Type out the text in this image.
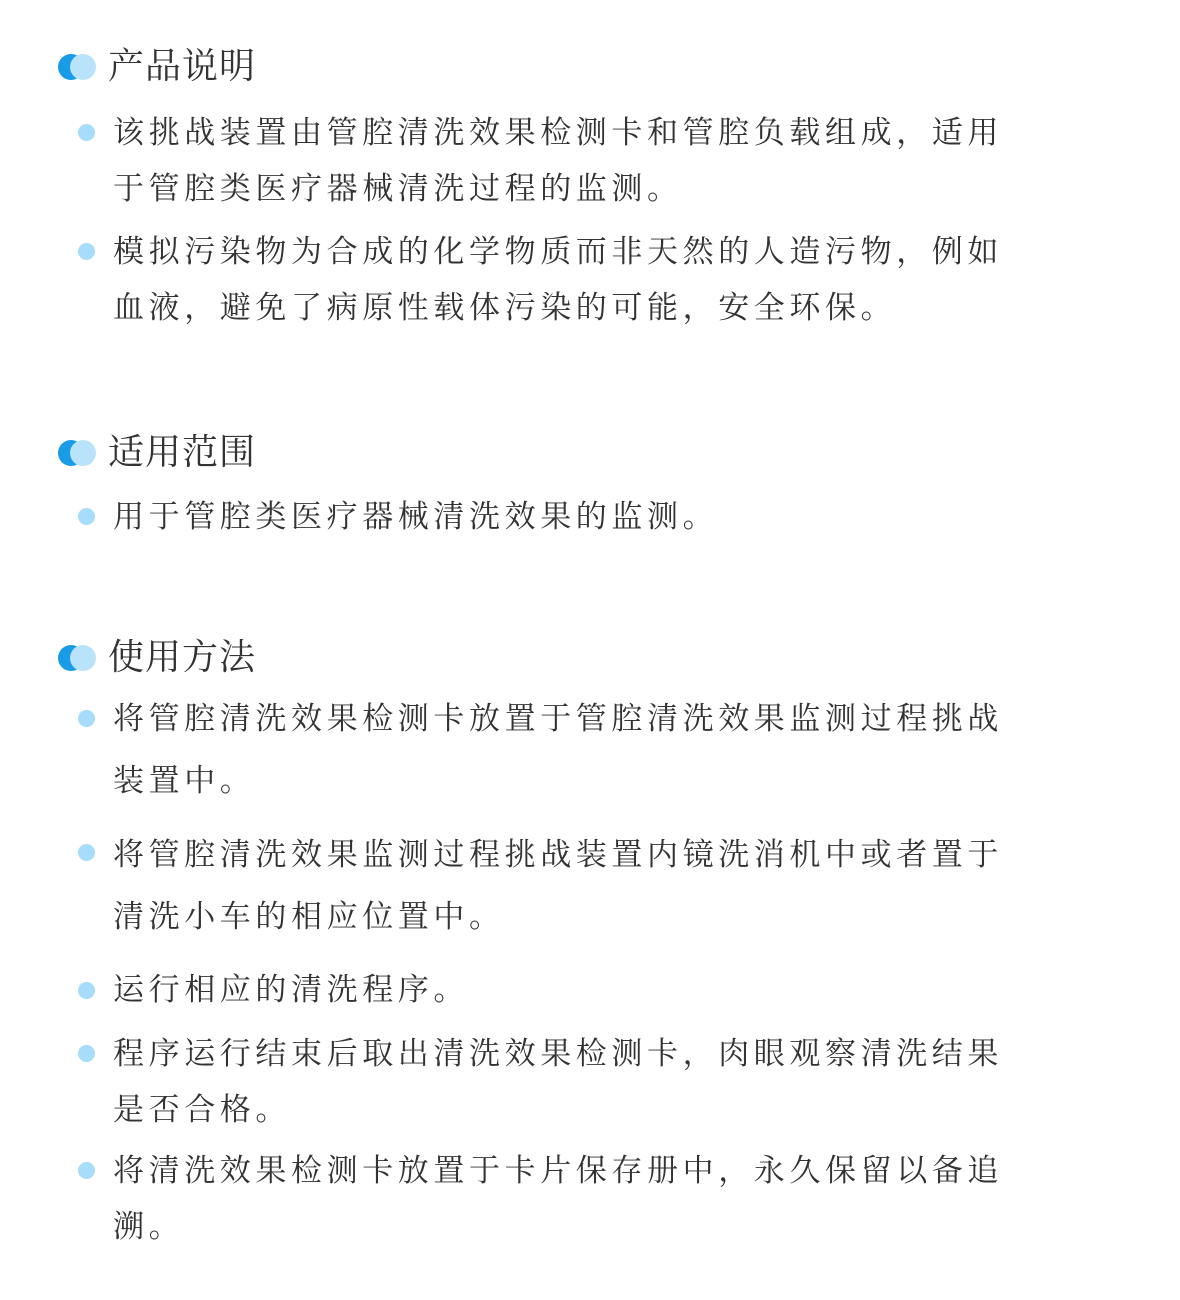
产品说明

该挑战装置由管腔清洗效果检测卡和管腔负载组成，适用于管腔类医疗器械清洗过程的监测。

模拟污染物为合成的化学物质而非天然的人造污物，例如血液，避免了病原性载体污染的可能，安全环保。

适用范围

用于管腔类医疗器械清洗效果的监测。

使用方法

将管腔清洗效果检测卡放置于管腔清洗效果监测过程挑战装置中。

将管腔清洗效果监测过程挑战装置内镜洗消机中或者置于清洗小车的相应位置中。

运行相应的清洗程序。

程序运行结束后取出清洗效果检测卡，肉眼观察清洗结果是否合格。

将清洗效果检测卡放置于卡片保存册中，永久保留以备追溯。
